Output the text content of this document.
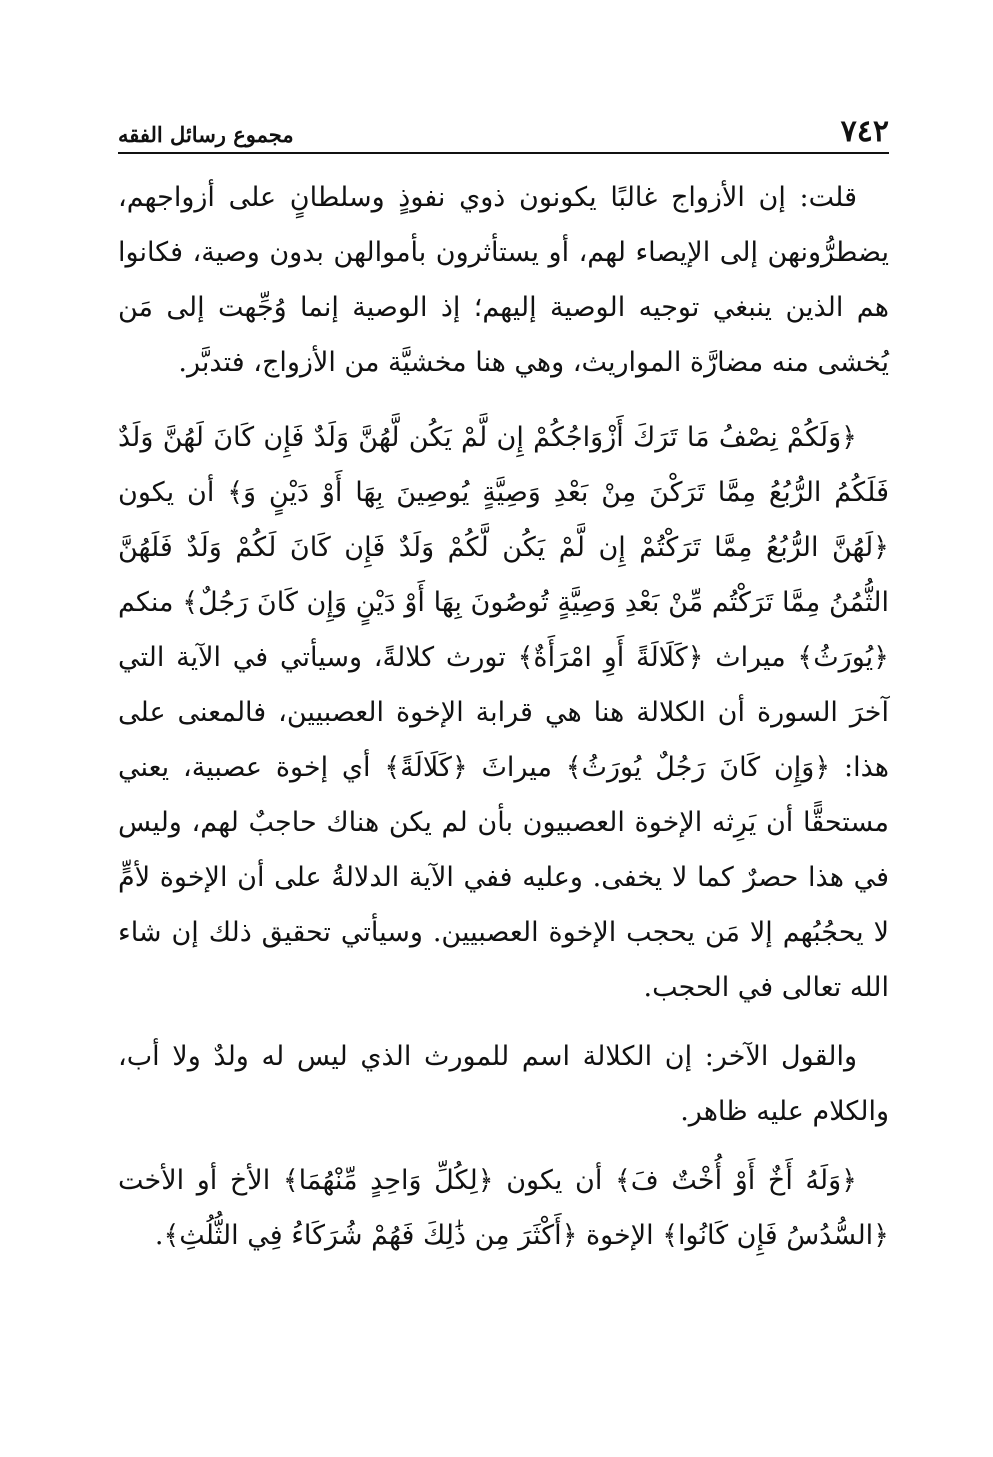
٧٤٢
مجموع رسائل الفقه

قلت: إن الأزواج غالبًا يكونون ذوي نفوذٍ وسلطانٍ على أزواجهم، يضطرُّونهن إلى الإيصاء لهم، أو يستأثرون بأموالهن بدون وصية، فكانوا هم الذين ينبغي توجيه الوصية إليهم؛ إذ الوصية إنما وُجِّهت إلى مَن يُخشى منه مضارَّة المواريث، وهي هنا مخشيَّة من الأزواج، فتدبَّر.

﴿وَلَكُمْ نِصْفُ مَا تَرَكَ أَزْوَاجُكُمْ إِن لَّمْ يَكُن لَّهُنَّ وَلَدٌ فَإِن كَانَ لَهُنَّ وَلَدٌ فَلَكُمُ الرُّبُعُ مِمَّا تَرَكْنَ مِنْ بَعْدِ وَصِيَّةٍ يُوصِينَ بِهَا أَوْ دَيْنٍ وَ﴾ أن يكون ﴿لَهُنَّ الرُّبُعُ مِمَّا تَرَكْتُمْ إِن لَّمْ يَكُن لَّكُمْ وَلَدٌ فَإِن كَانَ لَكُمْ وَلَدٌ فَلَهُنَّ الثُّمُنُ مِمَّا تَرَكْتُم مِّنْ بَعْدِ وَصِيَّةٍ تُوصُونَ بِهَا أَوْ دَيْنٍ وَإِن كَانَ رَجُلٌ﴾ منكم ﴿يُورَثُ﴾ ميراث ﴿كَلَالَةً أَوِ امْرَأَةٌ﴾ تورث كلالةً، وسيأتي في الآية التي آخرَ السورة أن الكلالة هنا هي قرابة الإخوة العصبيين، فالمعنى على هذا: ﴿وَإِن كَانَ رَجُلٌ يُورَثُ﴾ ميراثَ ﴿كَلَالَةً﴾ أي إخوة عصبية، يعني مستحقًّا أن يَرِثه الإخوة العصبيون بأن لم يكن هناك حاجبٌ لهم، وليس في هذا حصرٌ كما لا يخفى. وعليه ففي الآية الدلالةُ على أن الإخوة لأمٍّ لا يحجُبُهم إلا مَن يحجب الإخوة العصبيين. وسيأتي تحقيق ذلك إن شاء الله تعالى في الحجب.

والقول الآخر: إن الكلالة اسم للمورث الذي ليس له ولدٌ ولا أب، والكلام عليه ظاهر.

﴿وَلَهُ أَخٌ أَوْ أُخْتٌ فَ﴾ أن يكون ﴿لِكُلِّ وَاحِدٍ مِّنْهُمَا﴾ الأخ أو الأخت ﴿السُّدُسُ فَإِن كَانُوا﴾ الإخوة ﴿أَكْثَرَ مِن ذَٰلِكَ فَهُمْ شُرَكَاءُ فِي الثُّلُثِ﴾.
